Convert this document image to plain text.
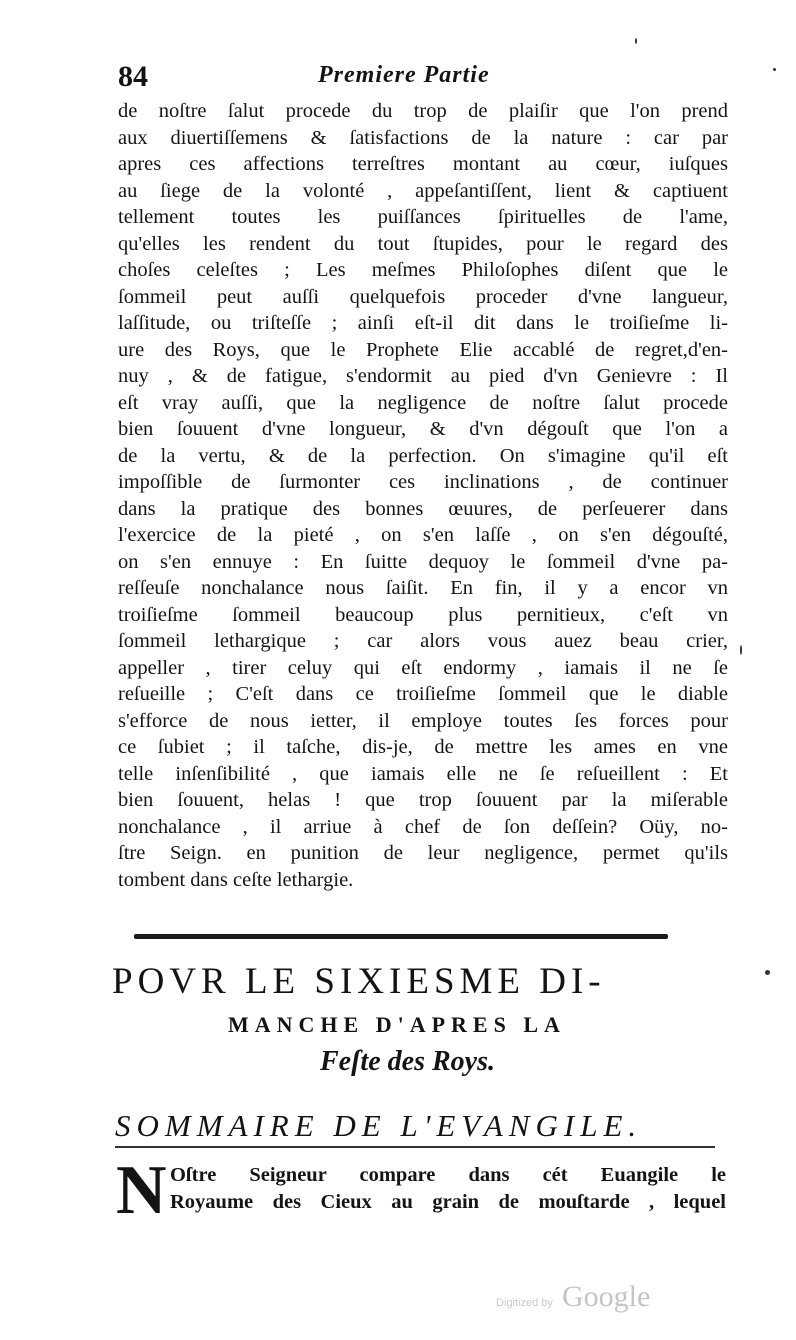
84	Premiere Partie
de noſtre ſalut procede du trop de plaiſir que l'on prend
aux diuertiſſemens & ſatisfactions de la nature : car par
apres ces affections terreſtres montant au cœur, iuſques
au ſiege de la volonté , appeſantiſſent, lient & captiuent
tellement toutes les puiſſances ſpirituelles de l'ame,
qu'elles les rendent du tout ſtupides, pour le regard des
choſes celeſtes ; Les meſmes Philoſophes diſent que le
ſommeil peut auſſi quelquefois proceder d'vne langueur,
laſſitude, ou triſteſſe ; ainſi eſt-il dit dans le troiſieſme li-
ure des Roys, que le Prophete Elie accablé de regret,d'en-
nuy , & de fatigue, s'endormit au pied d'vn Genievre : Il
eſt vray auſſi, que la negligence de noſtre ſalut procede
bien ſouuent d'vne longueur, & d'vn dégouſt que l'on a
de la vertu, & de la perfection. On s'imagine qu'il eſt
impoſſible de ſurmonter ces inclinations , de continuer
dans la pratique des bonnes œuures, de perſeuerer dans
l'exercice de la pieté , on s'en laſſe , on s'en dégouſté,
on s'en ennuye : En ſuitte dequoy le ſommeil d'vne pa-
reſſeuſe nonchalance nous ſaiſit. En fin, il y a encor vn
troiſieſme ſommeil beaucoup plus pernitieux, c'eſt vn
ſommeil lethargique ; car alors vous auez beau crier,
appeller , tirer celuy qui eſt endormy , iamais il ne ſe
reſueille ; C'eſt dans ce troiſieſme ſommeil que le diable
s'efforce de nous ietter, il employe toutes ſes forces pour
ce ſubiet ; il taſche, dis-je, de mettre les ames en vne
telle inſenſibilité , que iamais elle ne ſe reſueillent : Et
bien ſouuent, helas ! que trop ſouuent par la miſerable
nonchalance , il arriue à chef de ſon deſſein? Oüy, no-
ſtre Seign. en punition de leur negligence, permet qu'ils
tombent dans ceſte lethargie.
POVR LE SIXIESME DI-
MANCHE D'APRES LA
Feſte des Roys.
SOMMAIRE DE L'EVANGILE.
N Oſtre Seigneur compare dans cét Euangile le
Royaume des Cieux au grain de mouſtarde , lequel
Digitized by Google
